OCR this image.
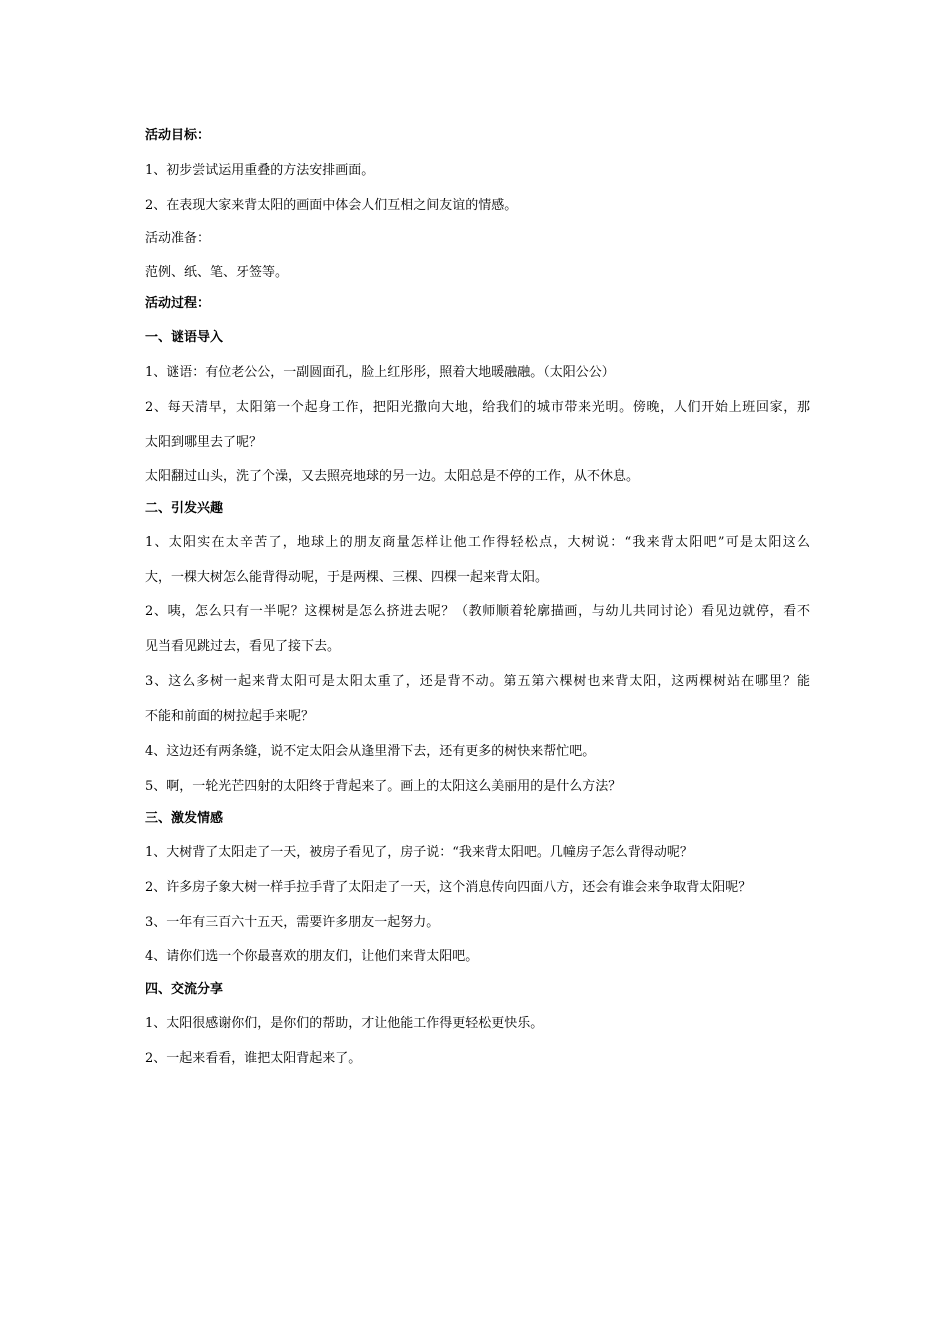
活动目标：
1、初步尝试运用重叠的方法安排画面。
2、在表现大家来背太阳的画面中体会人们互相之间友谊的情感。
活动准备：
范例、纸、笔、牙签等。
活动过程：
一、谜语导入
1、谜语：有位老公公，一副圆面孔，脸上红彤彤，照着大地暖融融。（太阳公公）
2、每天清早，太阳第一个起身工作，把阳光撒向大地，给我们的城市带来光明。傍晚，人们开始上班回家，那
太阳到哪里去了呢？
太阳翻过山头，洗了个澡，又去照亮地球的另一边。太阳总是不停的工作，从不休息。
二、引发兴趣
1、太阳实在太辛苦了，地球上的朋友商量怎样让他工作得轻松点，大树说：“我来背太阳吧”可是太阳这么
大，一棵大树怎么能背得动呢，于是两棵、三棵、四棵一起来背太阳。
2、咦，怎么只有一半呢？这棵树是怎么挤进去呢？（教师顺着轮廓描画，与幼儿共同讨论）看见边就停，看不
见当看见跳过去，看见了接下去。
3、这么多树一起来背太阳可是太阳太重了，还是背不动。第五第六棵树也来背太阳，这两棵树站在哪里？能
不能和前面的树拉起手来呢？
4、这边还有两条缝，说不定太阳会从逢里滑下去，还有更多的树快来帮忙吧。
5、啊，一轮光芒四射的太阳终于背起来了。画上的太阳这么美丽用的是什么方法？
三、激发情感
1、大树背了太阳走了一天，被房子看见了，房子说：“我来背太阳吧。几幢房子怎么背得动呢？
2、许多房子象大树一样手拉手背了太阳走了一天，这个消息传向四面八方，还会有谁会来争取背太阳呢？
3、一年有三百六十五天，需要许多朋友一起努力。
4、请你们选一个你最喜欢的朋友们，让他们来背太阳吧。
四、交流分享
1、太阳很感谢你们，是你们的帮助，才让他能工作得更轻松更快乐。
2、一起来看看，谁把太阳背起来了。
